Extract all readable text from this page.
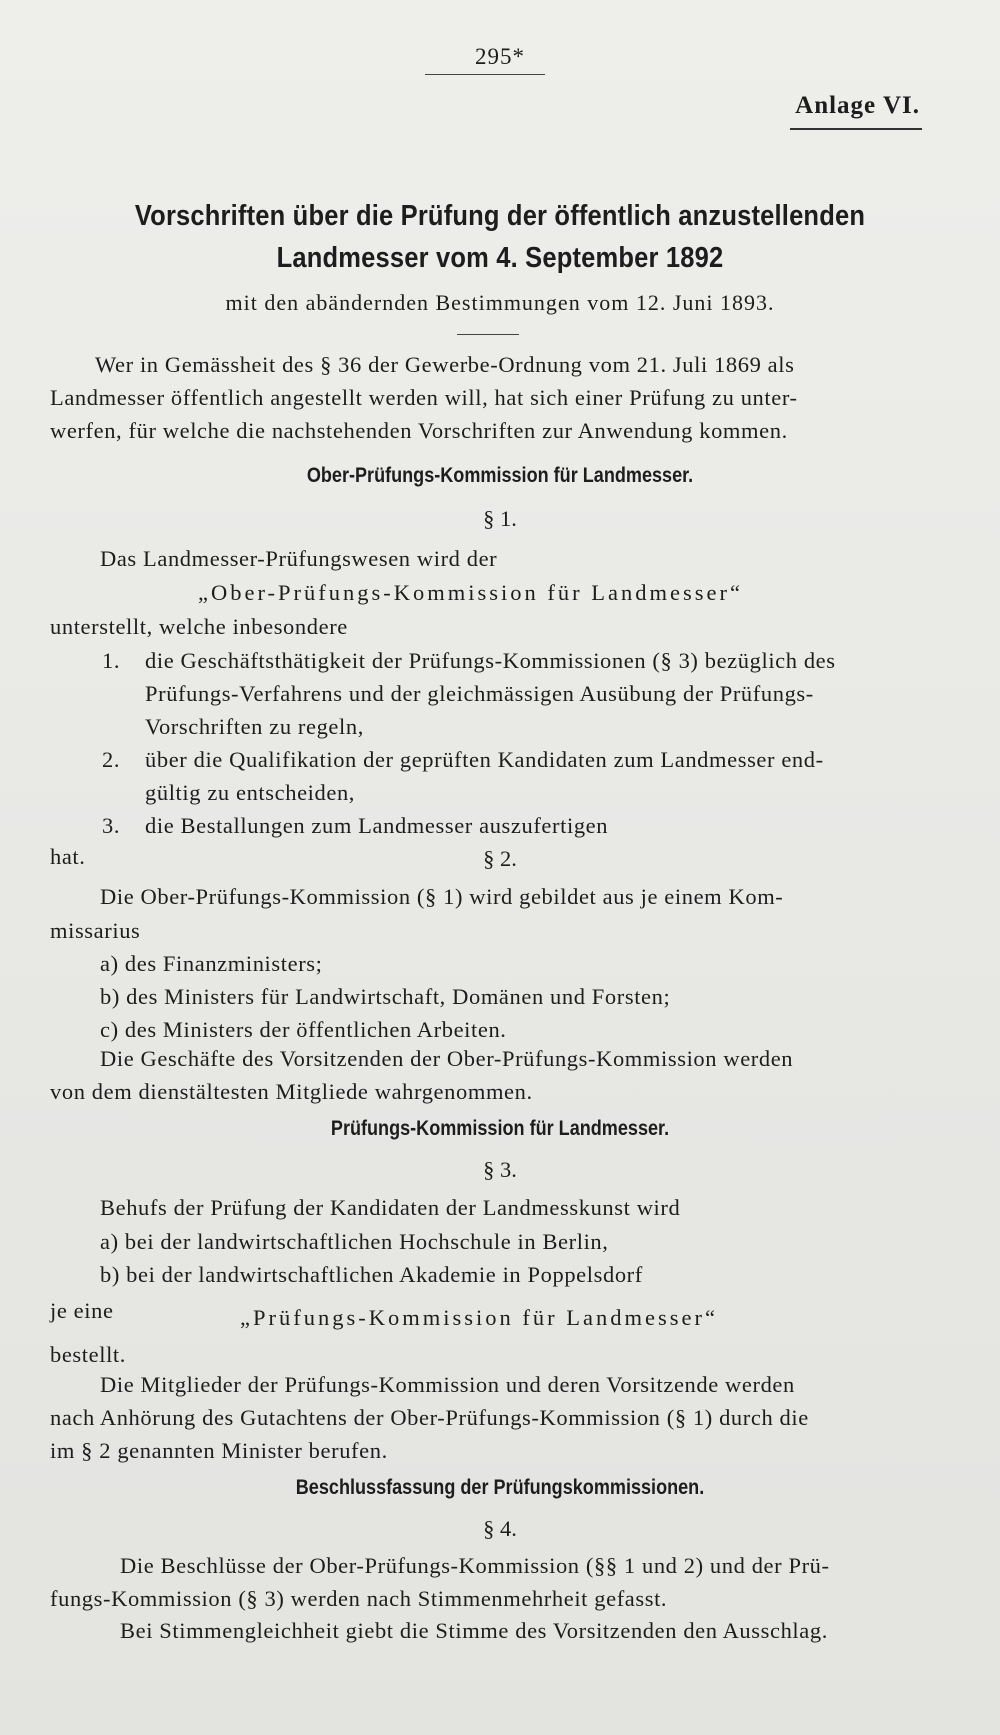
295*
Anlage VI.
Vorschriften über die Prüfung der öffentlich anzustellenden
Landmesser vom 4. September 1892
mit den abändernden Bestimmungen vom 12. Juni 1893.
Wer in Gemässheit des § 36 der Gewerbe-Ordnung vom 21. Juli 1869 als
Landmesser öffentlich angestellt werden will, hat sich einer Prüfung zu unter-
werfen, für welche die nachstehenden Vorschriften zur Anwendung kommen.
Ober-Prüfungs-Kommission für Landmesser.
§ 1.
Das Landmesser-Prüfungswesen wird der
„Ober-Prüfungs-Kommission für Landmesser“
unterstellt, welche inbesondere
1. die Geschäftsthätigkeit der Prüfungs-Kommissionen (§ 3) bezüglich des
Prüfungs-Verfahrens und der gleichmässigen Ausübung der Prüfungs-
Vorschriften zu regeln,
2. über die Qualifikation der geprüften Kandidaten zum Landmesser end-
gültig zu entscheiden,
3. die Bestallungen zum Landmesser auszufertigen
hat.	§ 2.
Die Ober-Prüfungs-Kommission (§ 1) wird gebildet aus je einem Kom-
missarius
a) des Finanzministers;
b) des Ministers für Landwirtschaft, Domänen und Forsten;
c) des Ministers der öffentlichen Arbeiten.
Die Geschäfte des Vorsitzenden der Ober-Prüfungs-Kommission werden
von dem dienstältesten Mitgliede wahrgenommen.
Prüfungs-Kommission für Landmesser.
§ 3.
Behufs der Prüfung der Kandidaten der Landmesskunst wird
a) bei der landwirtschaftlichen Hochschule in Berlin,
b) bei der landwirtschaftlichen Akademie in Poppelsdorf
je eine	„Prüfungs-Kommission für Landmesser“
bestellt.
Die Mitglieder der Prüfungs-Kommission und deren Vorsitzende werden
nach Anhörung des Gutachtens der Ober-Prüfungs-Kommission (§ 1) durch die
im § 2 genannten Minister berufen.
Beschlussfassung der Prüfungskommissionen.
§ 4.
Die Beschlüsse der Ober-Prüfungs-Kommission (§§ 1 und 2) und der Prü-
fungs-Kommission (§ 3) werden nach Stimmenmehrheit gefasst.
Bei Stimmengleichheit giebt die Stimme des Vorsitzenden den Ausschlag.
